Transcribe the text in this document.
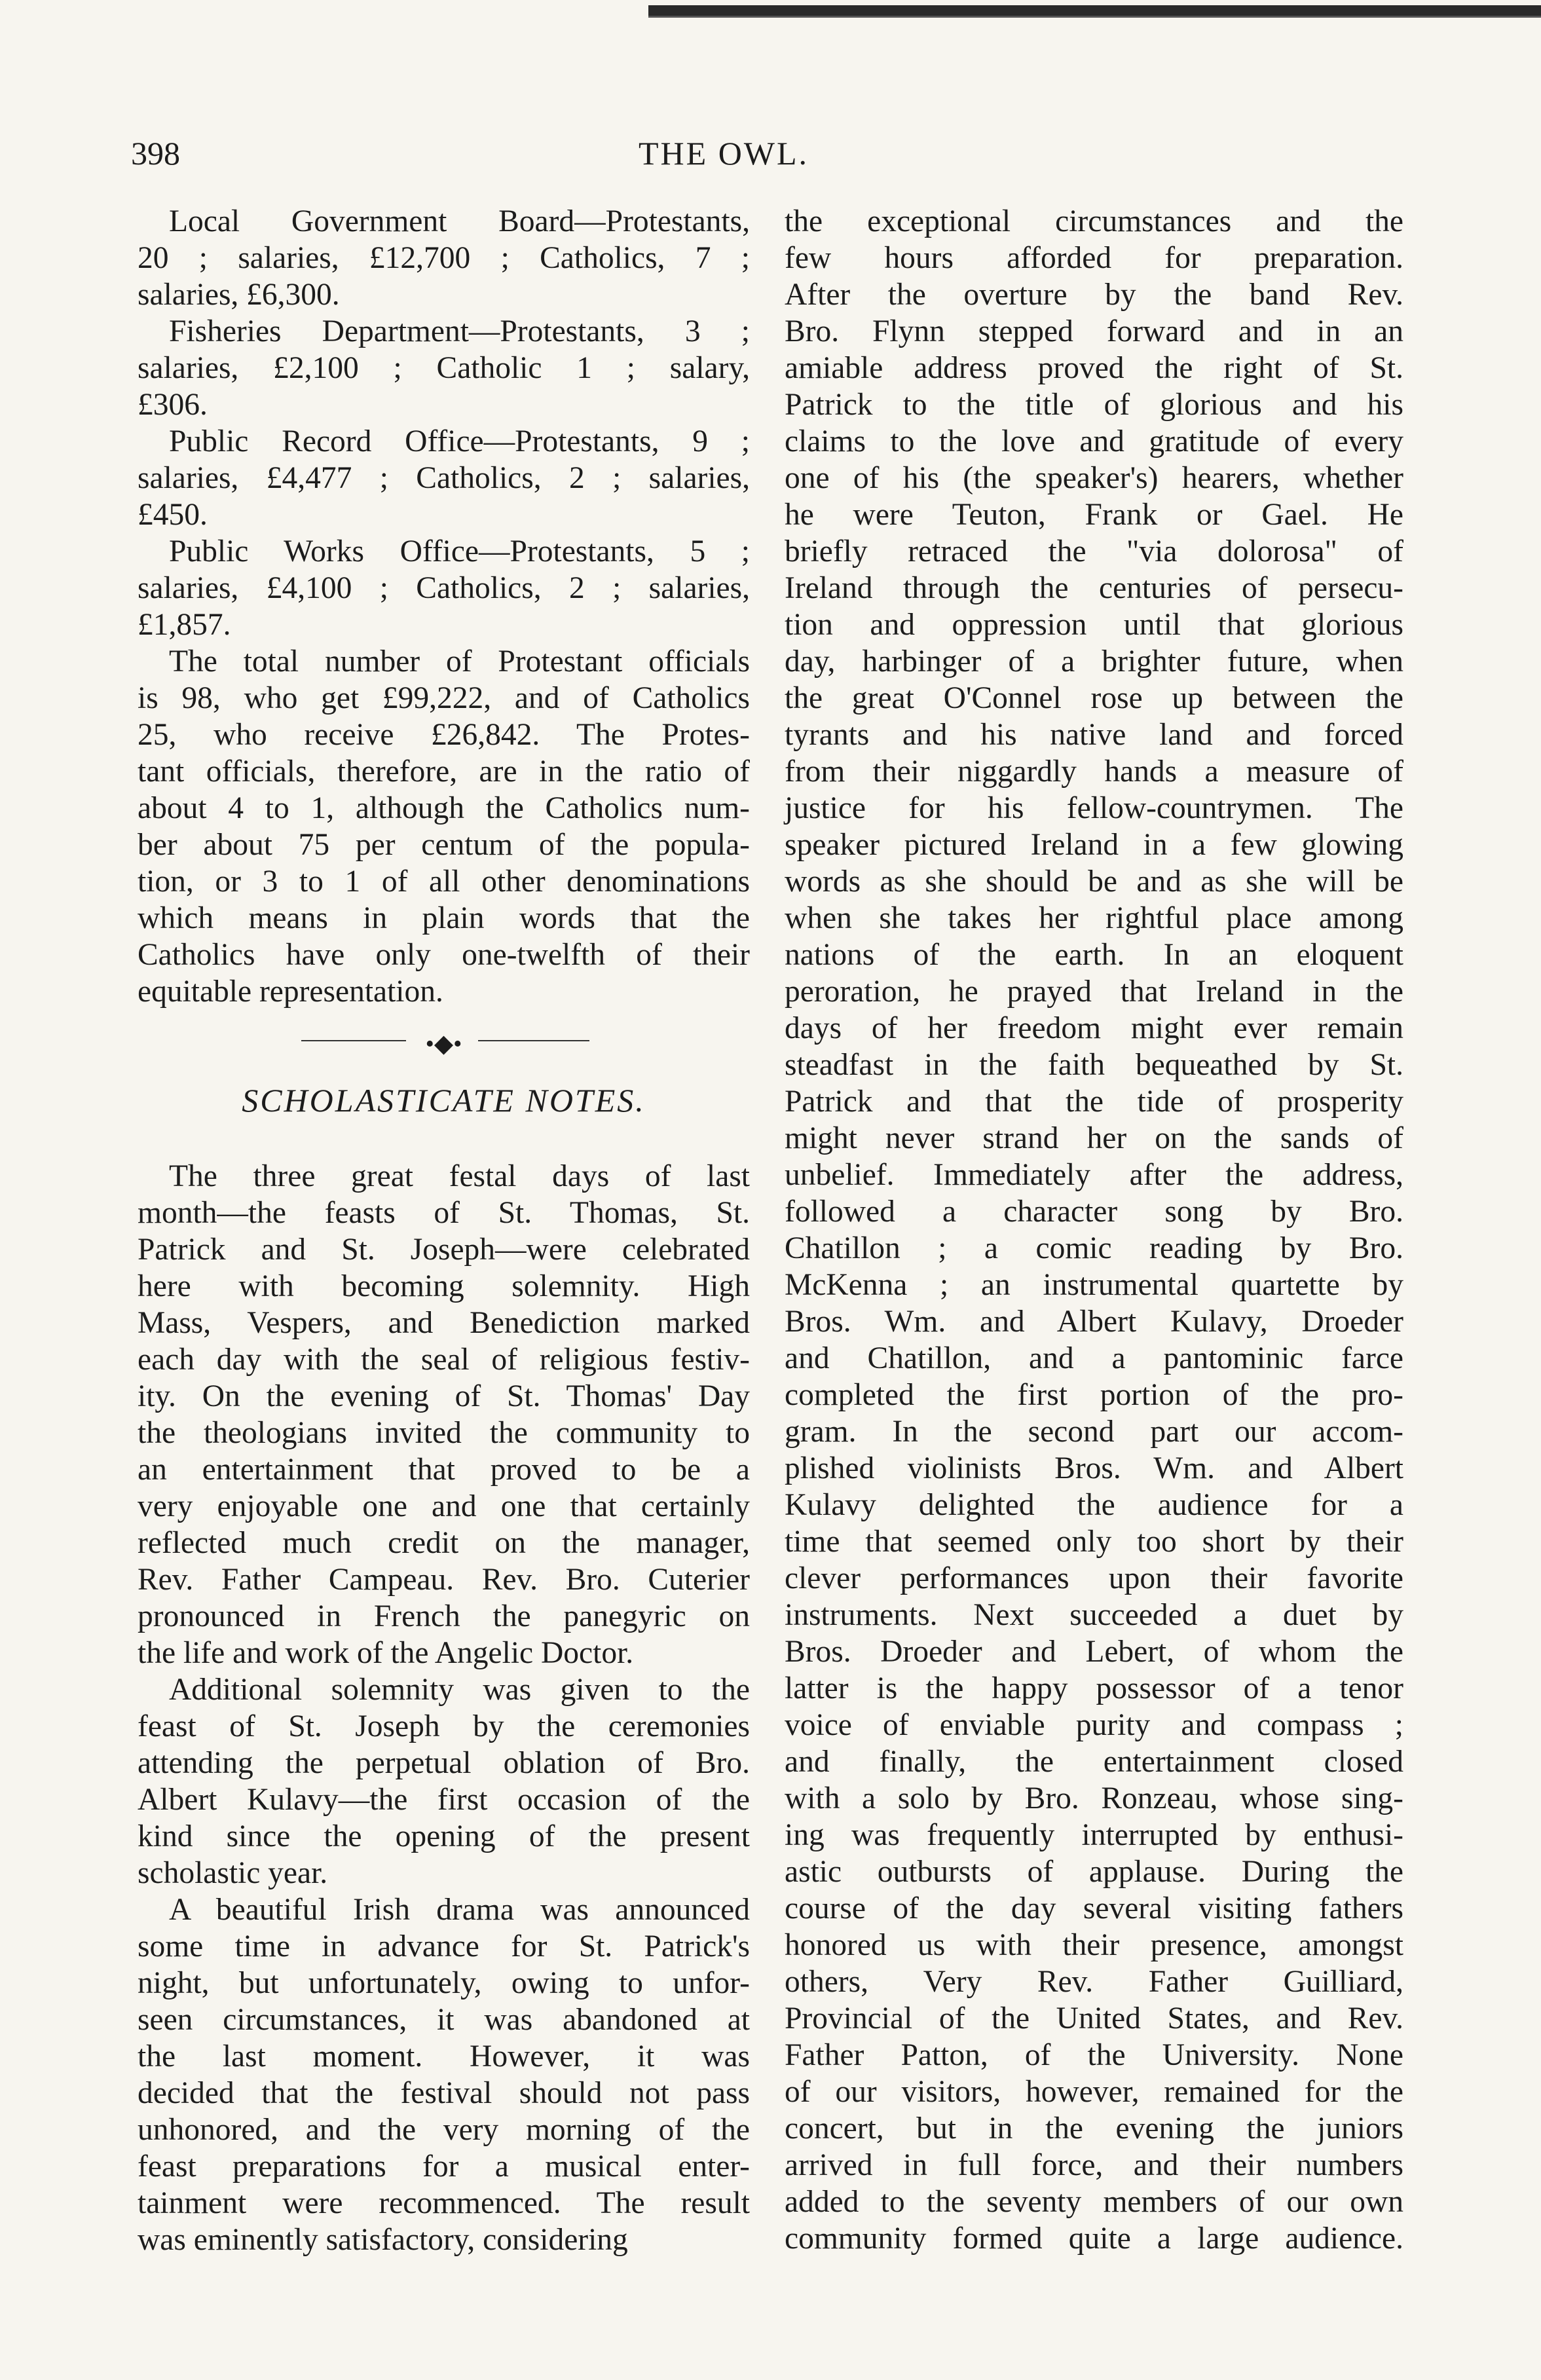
398	THE OWL.

Local Government Board—Protestants,
20 ; salaries, £12,700 ; Catholics, 7 ;
salaries, £6,300.

Fisheries Department—Protestants, 3 ;
salaries, £2,100 ; Catholic 1 ; salary,
£306.

Public Record Office—Protestants, 9 ;
salaries, £4,477 ; Catholics, 2 ; salaries,
£450.

Public Works Office—Protestants, 5 ;
salaries, £4,100 ; Catholics, 2 ; salaries,
£1,857.

The total number of Protestant officials
is 98, who get £99,222, and of Catholics
25, who receive £26,842. The Protes-
tant officials, therefore, are in the ratio of
about 4 to 1, although the Catholics num-
ber about 75 per centum of the popula-
tion, or 3 to 1 of all other denominations
which means in plain words that the
Catholics have only one-twelfth of their
equitable representation.

•◆•
SCHOLASTICATE NOTES.

The three great festal days of last
month—the feasts of St. Thomas, St.
Patrick and St. Joseph—were celebrated
here with becoming solemnity. High
Mass, Vespers, and Benediction marked
each day with the seal of religious festiv-
ity. On the evening of St. Thomas' Day
the theologians invited the community to
an entertainment that proved to be a
very enjoyable one and one that certainly
reflected much credit on the manager,
Rev. Father Campeau. Rev. Bro. Cuterier
pronounced in French the panegyric on
the life and work of the Angelic Doctor.

Additional solemnity was given to the
feast of St. Joseph by the ceremonies
attending the perpetual oblation of Bro.
Albert Kulavy—the first occasion of the
kind since the opening of the present
scholastic year.

A beautiful Irish drama was announced
some time in advance for St. Patrick's
night, but unfortunately, owing to unfor-
seen circumstances, it was abandoned at
the last moment. However, it was
decided that the festival should not pass
unhonored, and the very morning of the
feast preparations for a musical enter-
tainment were recommenced. The result
was eminently satisfactory, considering

the exceptional circumstances and the
few hours afforded for preparation.
After the overture by the band Rev.
Bro. Flynn stepped forward and in an
amiable address proved the right of St.
Patrick to the title of glorious and his
claims to the love and gratitude of every
one of his (the speaker's) hearers, whether
he were Teuton, Frank or Gael. He
briefly retraced the "via dolorosa" of
Ireland through the centuries of persecu-
tion and oppression until that glorious
day, harbinger of a brighter future, when
the great O'Connel rose up between the
tyrants and his native land and forced
from their niggardly hands a measure of
justice for his fellow-countrymen. The
speaker pictured Ireland in a few glowing
words as she should be and as she will be
when she takes her rightful place among
nations of the earth. In an eloquent
peroration, he prayed that Ireland in the
days of her freedom might ever remain
steadfast in the faith bequeathed by St.
Patrick and that the tide of prosperity
might never strand her on the sands of
unbelief. Immediately after the address,
followed a character song by Bro.
Chatillon ; a comic reading by Bro.
McKenna ; an instrumental quartette by
Bros. Wm. and Albert Kulavy, Droeder
and Chatillon, and a pantominic farce
completed the first portion of the pro-
gram. In the second part our accom-
plished violinists Bros. Wm. and Albert
Kulavy delighted the audience for a
time that seemed only too short by their
clever performances upon their favorite
instruments. Next succeeded a duet by
Bros. Droeder and Lebert, of whom the
latter is the happy possessor of a tenor
voice of enviable purity and compass ;
and finally, the entertainment closed
with a solo by Bro. Ronzeau, whose sing-
ing was frequently interrupted by enthusi-
astic outbursts of applause. During the
course of the day several visiting fathers
honored us with their presence, amongst
others, Very Rev. Father Guilliard,
Provincial of the United States, and Rev.
Father Patton, of the University. None
of our visitors, however, remained for the
concert, but in the evening the juniors
arrived in full force, and their numbers
added to the seventy members of our own
community formed quite a large audience.
